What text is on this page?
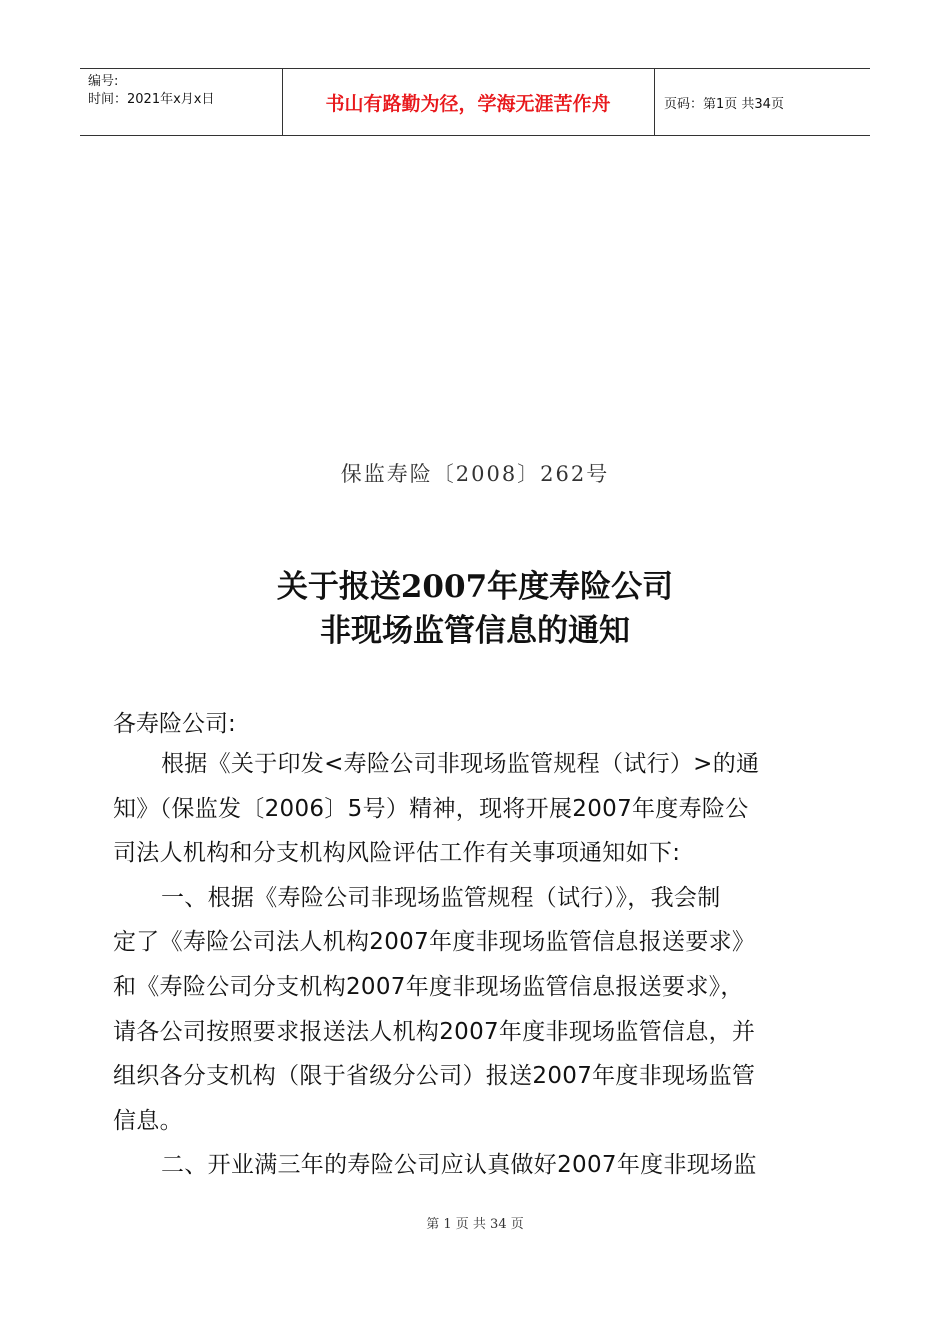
编号:
时间：2021年x月x日	书山有路勤为径，学海无涯苦作舟	页码：第1页 共34页
保监寿险〔2008〕262号
关于报送2007年度寿险公司
非现场监管信息的通知
各寿险公司:
根据《关于印发<寿险公司非现场监管规程（试行）>的通
知》（保监发〔2006〕5号）精神，现将开展2007年度寿险公
司法人机构和分支机构风险评估工作有关事项通知如下:
一、根据《寿险公司非现场监管规程（试行）》，我会制
定了《寿险公司法人机构2007年度非现场监管信息报送要求》
和《寿险公司分支机构2007年度非现场监管信息报送要求》，
请各公司按照要求报送法人机构2007年度非现场监管信息，并
组织各分支机构（限于省级分公司）报送2007年度非现场监管
信息。
二、开业满三年的寿险公司应认真做好2007年度非现场监
第 1 页 共 34 页
